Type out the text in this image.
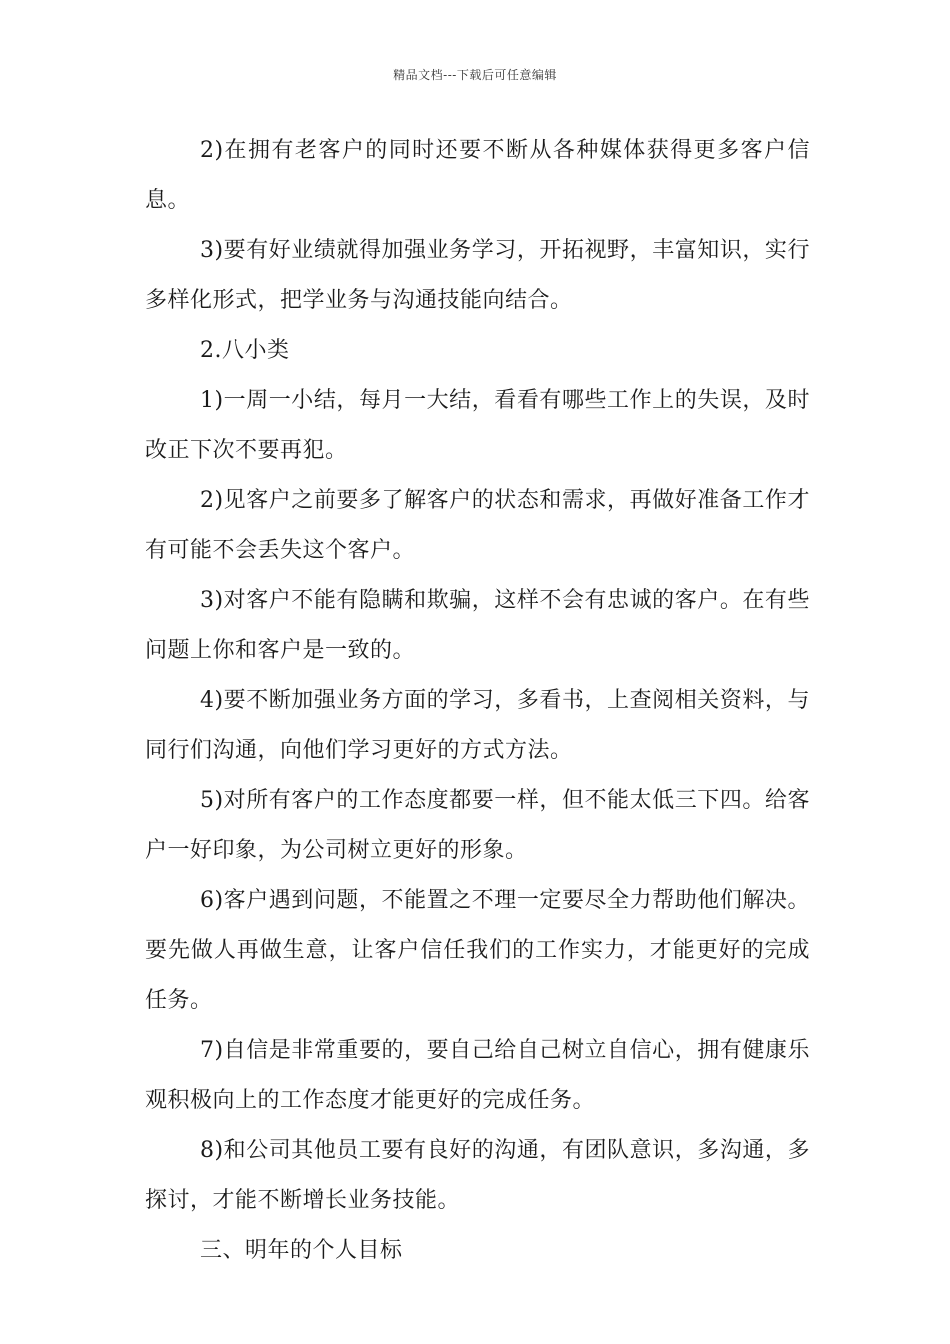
精品文档---下载后可任意编辑

2)在拥有老客户的同时还要不断从各种媒体获得更多客户信息。

3)要有好业绩就得加强业务学习，开拓视野，丰富知识，实行多样化形式，把学业务与沟通技能向结合。

2.八小类

1)一周一小结，每月一大结，看看有哪些工作上的失误，及时改正下次不要再犯。

2)见客户之前要多了解客户的状态和需求，再做好准备工作才有可能不会丢失这个客户。

3)对客户不能有隐瞒和欺骗，这样不会有忠诚的客户。在有些问题上你和客户是一致的。

4)要不断加强业务方面的学习，多看书，上查阅相关资料，与同行们沟通，向他们学习更好的方式方法。

5)对所有客户的工作态度都要一样，但不能太低三下四。给客户一好印象，为公司树立更好的形象。

6)客户遇到问题，不能置之不理一定要尽全力帮助他们解决。要先做人再做生意，让客户信任我们的工作实力，才能更好的完成任务。

7)自信是非常重要的，要自己给自己树立自信心，拥有健康乐观积极向上的工作态度才能更好的完成任务。

8)和公司其他员工要有良好的沟通，有团队意识，多沟通，多探讨，才能不断增长业务技能。

三、明年的个人目标
